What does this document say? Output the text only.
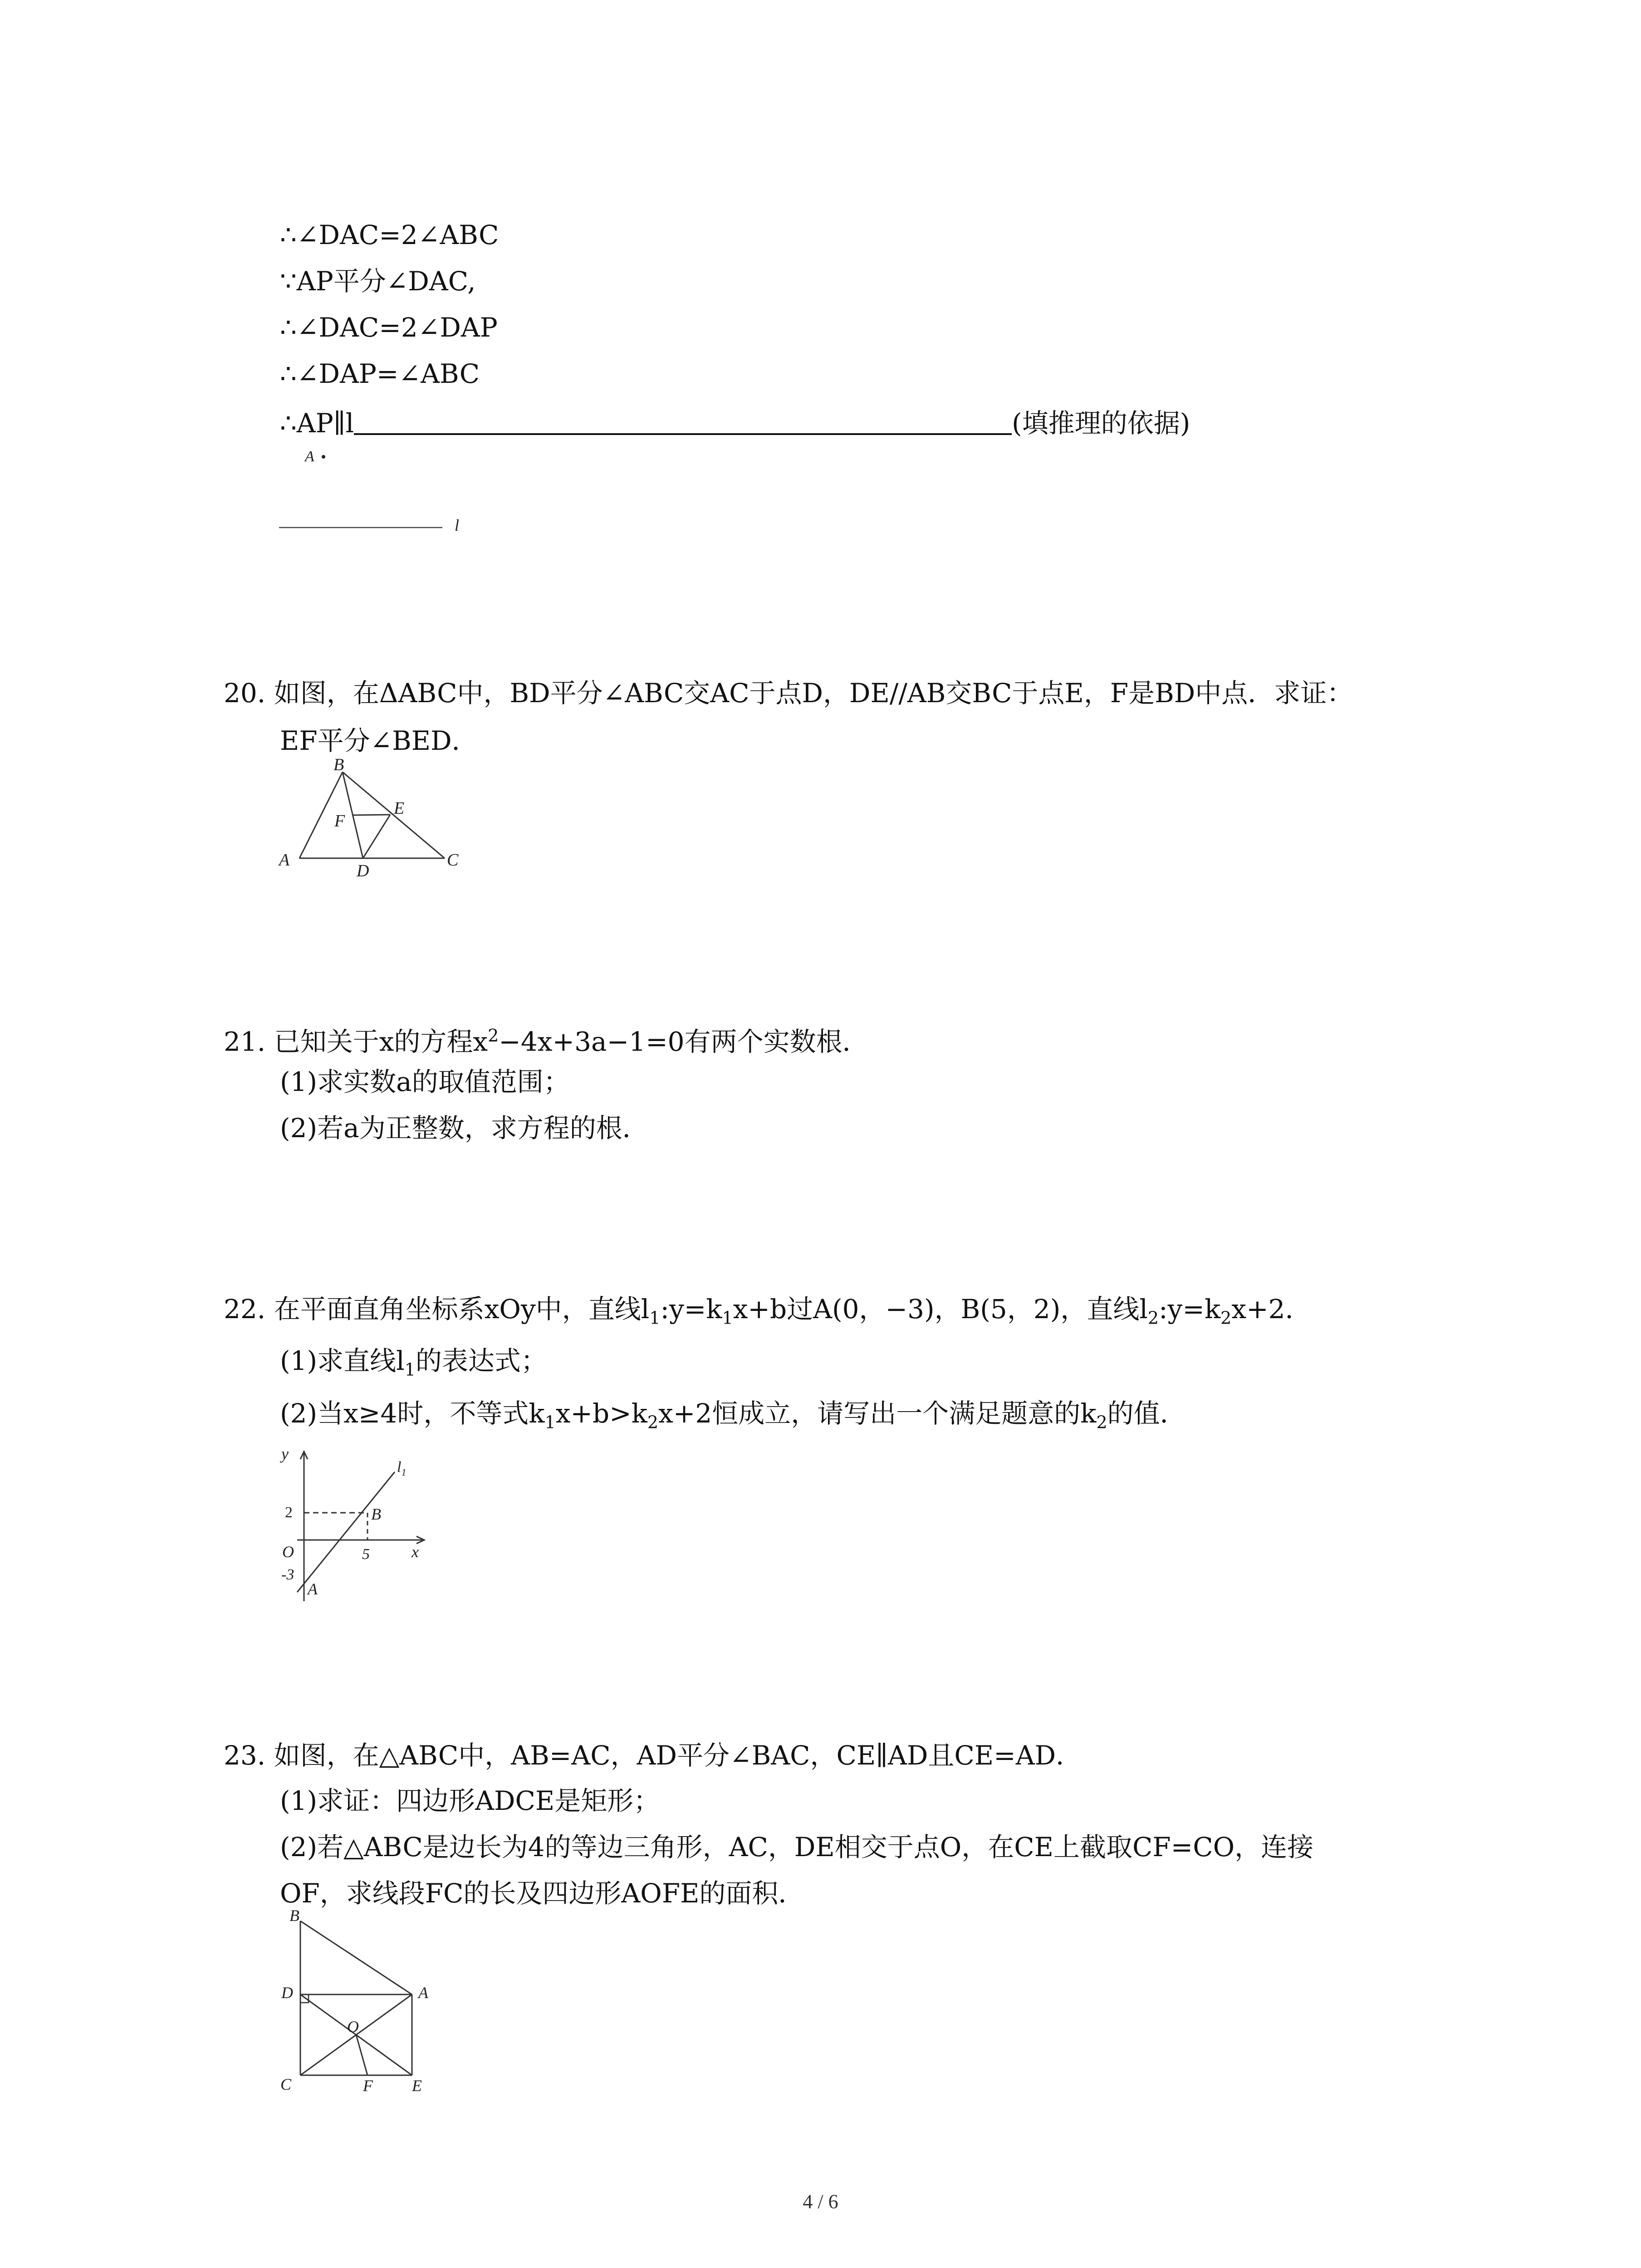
∴∠DAC=2∠ABC
∵AP平分∠DAC,
∴∠DAC=2∠DAP
∴∠DAP=∠ABC
∴AP∥l	(填推理的依据)
A
l
20. 如图，在ΔABC中，BD平分∠ABC交AC于点D，DE//AB交BC于点E，F是BD中点．求证：
EF平分∠BED．
B
E
F
A
D
C
21. 已知关于x的方程$x^2-4x+3a-1=0$有两个实数根．
(1)求实数a的取值范围；
(2)若a为正整数，求方程的根．
22. 在平面直角坐标系xOy中，直线$l_1:y=k_1x+b$过A(0，−3)，B(5，2)，直线$l_2:y=k_2x+2$．
(1)求直线$l_1$的表达式；
(2)当x≥4时，不等式$k_1x+b>k_2x+2$恒成立，请写出一个满足题意的$k_2$的值．
y
$l_1$
2	B
O	5	x
-3
A
23. 如图，在△ABC中，AB=AC，AD平分∠BAC，CE∥AD且CE=AD．
(1)求证：四边形ADCE是矩形；
(2)若△ABC是边长为4的等边三角形，AC，DE相交于点O，在CE上截取CF=CO，连接
OF，求线段FC的长及四边形AOFE的面积．
B
D	A
O
C	F E
4 / 6
